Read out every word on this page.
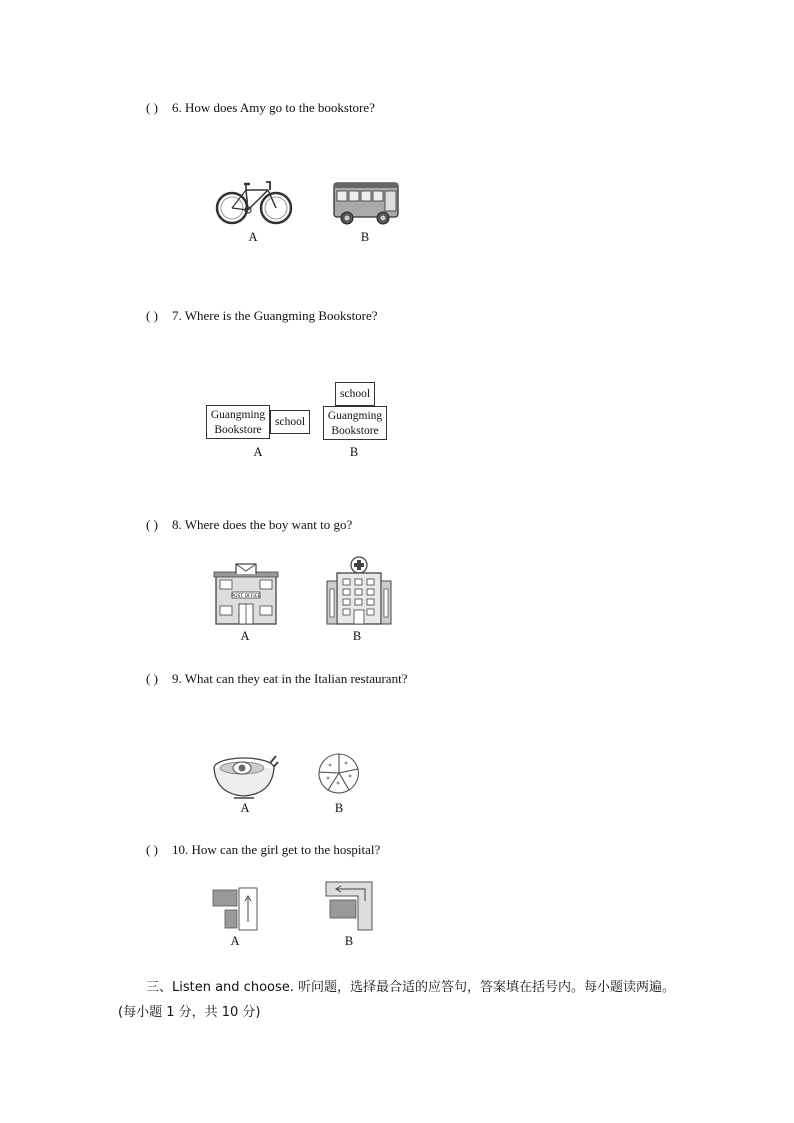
( ) 6. How does Amy go to the bookstore?
A	B
( ) 7. Where is the Guangming Bookstore?
Guangming
Bookstore
school
A
school
Guangming
Bookstore
B
( ) 8. Where does the boy want to go?
POST OFFICE
A	B
( ) 9. What can they eat in the Italian restaurant?
A	B
( ) 10. How can the girl get to the hospital?
A	B
三、Listen and choose. 听问题，选择最合适的应答句，答案填在括号内。每小题读两遍。
(每小题 1 分，共 10 分)
